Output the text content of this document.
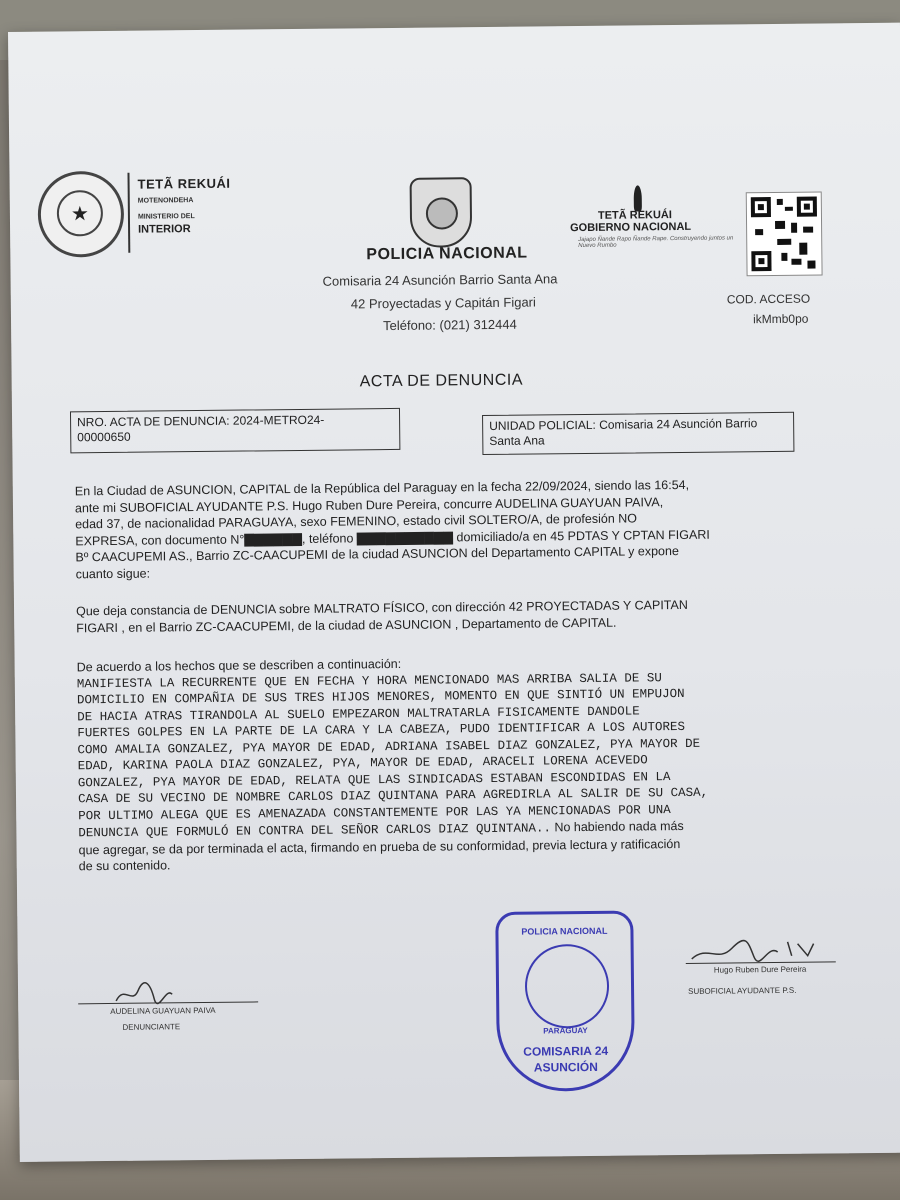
★
TETÃ REKUÁI
MOTENONDEHA
MINISTERIO DEL
INTERIOR
POLICIA NACIONAL
Comisaria 24 Asunción Barrio Santa Ana
42 Proyectadas y Capitán Figari
Teléfono: (021) 312444
TETÃ REKUÁI
GOBIERNO NACIONAL
Jajapo Ñande Rapo Ñande Rape. Construyendo juntos un Nuevo Rumbo
COD. ACCESO
ikMmb0po
ACTA DE DENUNCIA
NRO. ACTA DE DENUNCIA: 2024-METRO24-
00000650
UNIDAD POLICIAL: Comisaria 24 Asunción Barrio
Santa Ana
En la Ciudad de ASUNCION, CAPITAL de la República del Paraguay en la fecha 22/09/2024, siendo las 16:54,
ante mi SUBOFICIAL AYUDANTE P.S. Hugo Ruben Dure Pereira, concurre AUDELINA GUAYUAN PAIVA,
edad 37, de nacionalidad PARAGUAYA, sexo FEMENINO, estado civil SOLTERO/A, de profesión NO
EXPRESA, con documento N°▇▇▇▇▇▇, teléfono ▇▇▇▇▇▇▇▇▇▇ domiciliado/a en 45 PDTAS Y CPTAN FIGARI
Bº CAACUPEMI AS., Barrio ZC-CAACUPEMI de la ciudad ASUNCION del Departamento CAPITAL y expone
cuanto sigue:
Que deja constancia de DENUNCIA sobre MALTRATO FÍSICO, con dirección 42 PROYECTADAS Y CAPITAN
FIGARI , en el Barrio ZC-CAACUPEMI, de la ciudad de ASUNCION , Departamento de CAPITAL.
De acuerdo a los hechos que se describen a continuación:
MANIFIESTA LA RECURRENTE QUE EN FECHA Y HORA MENCIONADO MAS ARRIBA SALIA DE SU
DOMICILIO EN COMPAÑIA DE SUS TRES HIJOS MENORES, MOMENTO EN QUE SINTIÓ UN EMPUJON
DE HACIA ATRAS TIRANDOLA AL SUELO EMPEZARON MALTRATARLA FISICAMENTE DANDOLE
FUERTES GOLPES EN LA PARTE DE LA CARA Y LA CABEZA, PUDO IDENTIFICAR A LOS AUTORES
COMO AMALIA GONZALEZ, PYA MAYOR DE EDAD, ADRIANA ISABEL DIAZ GONZALEZ, PYA MAYOR DE
EDAD, KARINA PAOLA DIAZ GONZALEZ, PYA, MAYOR DE EDAD, ARACELI LORENA ACEVEDO
GONZALEZ, PYA MAYOR DE EDAD, RELATA QUE LAS SINDICADAS ESTABAN ESCONDIDAS EN LA
CASA DE SU VECINO DE NOMBRE CARLOS DIAZ QUINTANA PARA AGREDIRLA AL SALIR DE SU CASA,
POR ULTIMO ALEGA QUE ES AMENAZADA CONSTANTEMENTE POR LAS YA MENCIONADAS POR UNA
DENUNCIA QUE FORMULÓ EN CONTRA DEL SEÑOR CARLOS DIAZ QUINTANA.. No habiendo nada más
que agregar, se da por terminada el acta, firmando en prueba de su conformidad, previa lectura y ratificación
de su contenido.
AUDELINA GUAYUAN PAIVA
DENUNCIANTE
Hugo Ruben Dure Pereira
SUBOFICIAL AYUDANTE P.S.
POLICIA NACIONAL
PARAGUAY
COMISARIA 24
ASUNCIÓN
